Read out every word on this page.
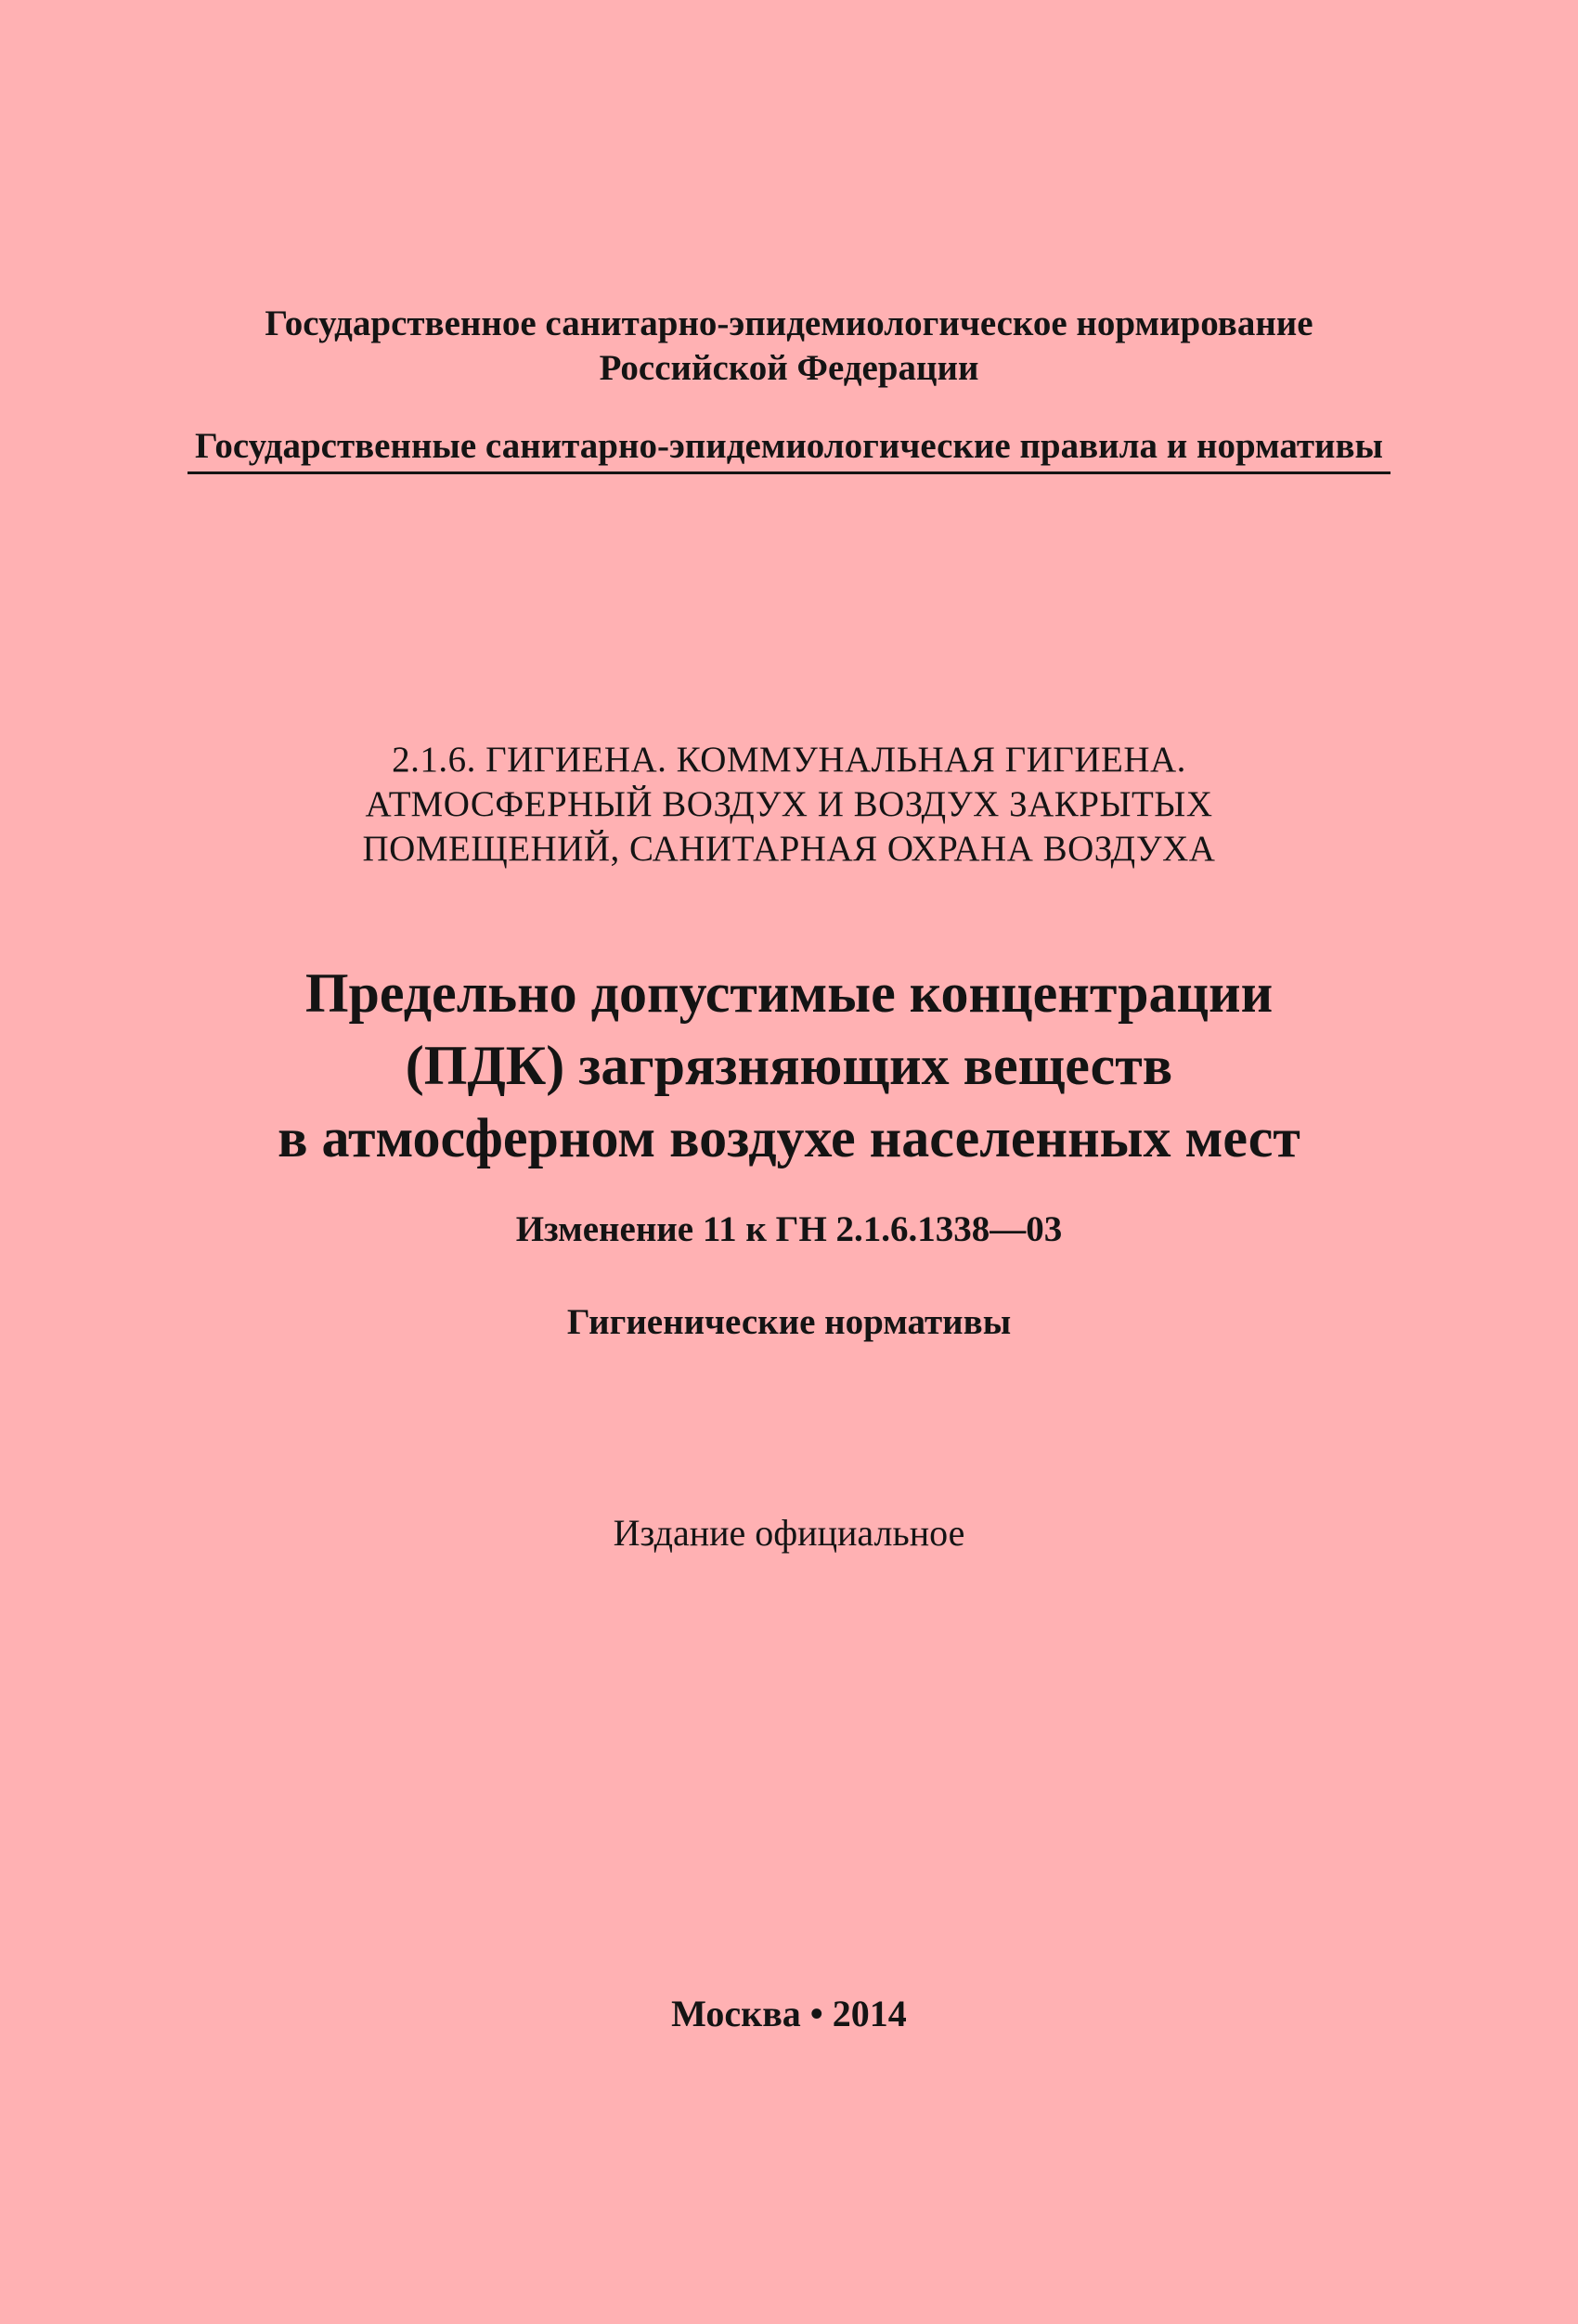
Государственное санитарно-эпидемиологическое нормирование
Российской Федерации
Государственные санитарно-эпидемиологические правила и нормативы
2.1.6. ГИГИЕНА. КОММУНАЛЬНАЯ ГИГИЕНА.
АТМОСФЕРНЫЙ ВОЗДУХ И ВОЗДУХ ЗАКРЫТЫХ
ПОМЕЩЕНИЙ, САНИТАРНАЯ ОХРАНА ВОЗДУХА
Предельно допустимые концентрации
(ПДК) загрязняющих веществ
в атмосферном воздухе населенных мест
Изменение 11 к ГН 2.1.6.1338—03
Гигиенические нормативы
Издание официальное
Москва • 2014
